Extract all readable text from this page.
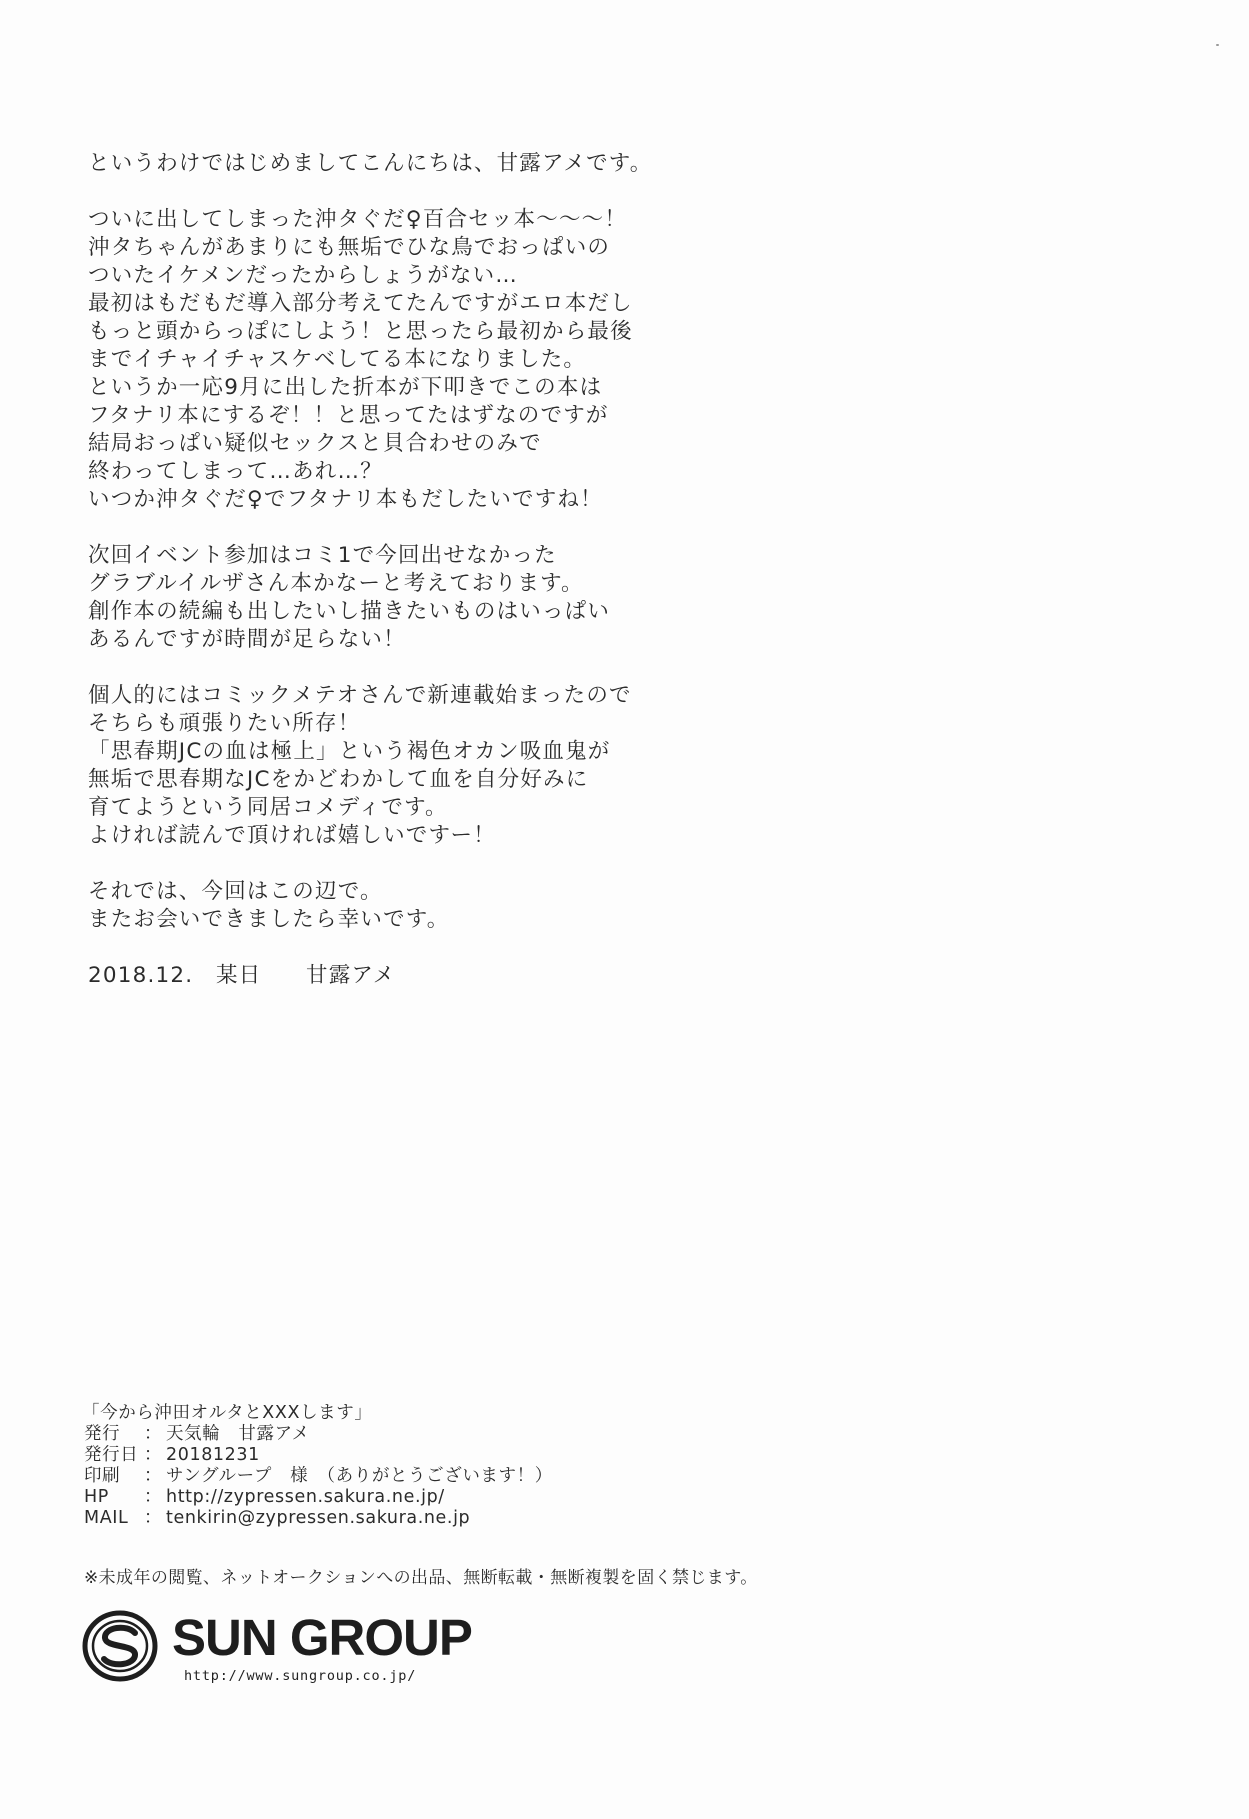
というわけではじめましてこんにちは、甘露アメです。
ついに出してしまった沖タぐだ♀百合セッ本～～～！
沖タちゃんがあまりにも無垢でひな鳥でおっぱいの
ついたイケメンだったからしょうがない…
最初はもだもだ導入部分考えてたんですがエロ本だし
もっと頭からっぽにしよう！と思ったら最初から最後
までイチャイチャスケベしてる本になりました。
というか一応9月に出した折本が下叩きでこの本は
フタナリ本にするぞ！！と思ってたはずなのですが
結局おっぱい疑似セックスと貝合わせのみで
終わってしまって…あれ…？
いつか沖タぐだ♀でフタナリ本もだしたいですね！
次回イベント参加はコミ1で今回出せなかった
グラブルイルザさん本かなーと考えております。
創作本の続編も出したいし描きたいものはいっぱい
あるんですが時間が足らない！
個人的にはコミックメテオさんで新連載始まったので
そちらも頑張りたい所存！
「思春期JCの血は極上」という褐色オカン吸血鬼が
無垢で思春期なJCをかどわかして血を自分好みに
育てようという同居コメディです。
よければ読んで頂ければ嬉しいですー！
それでは、今回はこの辺で。
またお会いできましたら幸いです。
2018.12.　某日 甘露アメ
「今から沖田オルタとXXXします」
発行 ： 天気輪　甘露アメ
発行日 ： 20181231
印刷 ： サングループ　様　（ありがとうございます！）
HP ： http://zypressen.sakura.ne.jp/
MAIL ： tenkirin@zypressen.sakura.ne.jp
※未成年の閲覧、ネットオークションへの出品、無断転載・無断複製を固く禁じます。
SUN GROUP
http://www.sungroup.co.jp/
